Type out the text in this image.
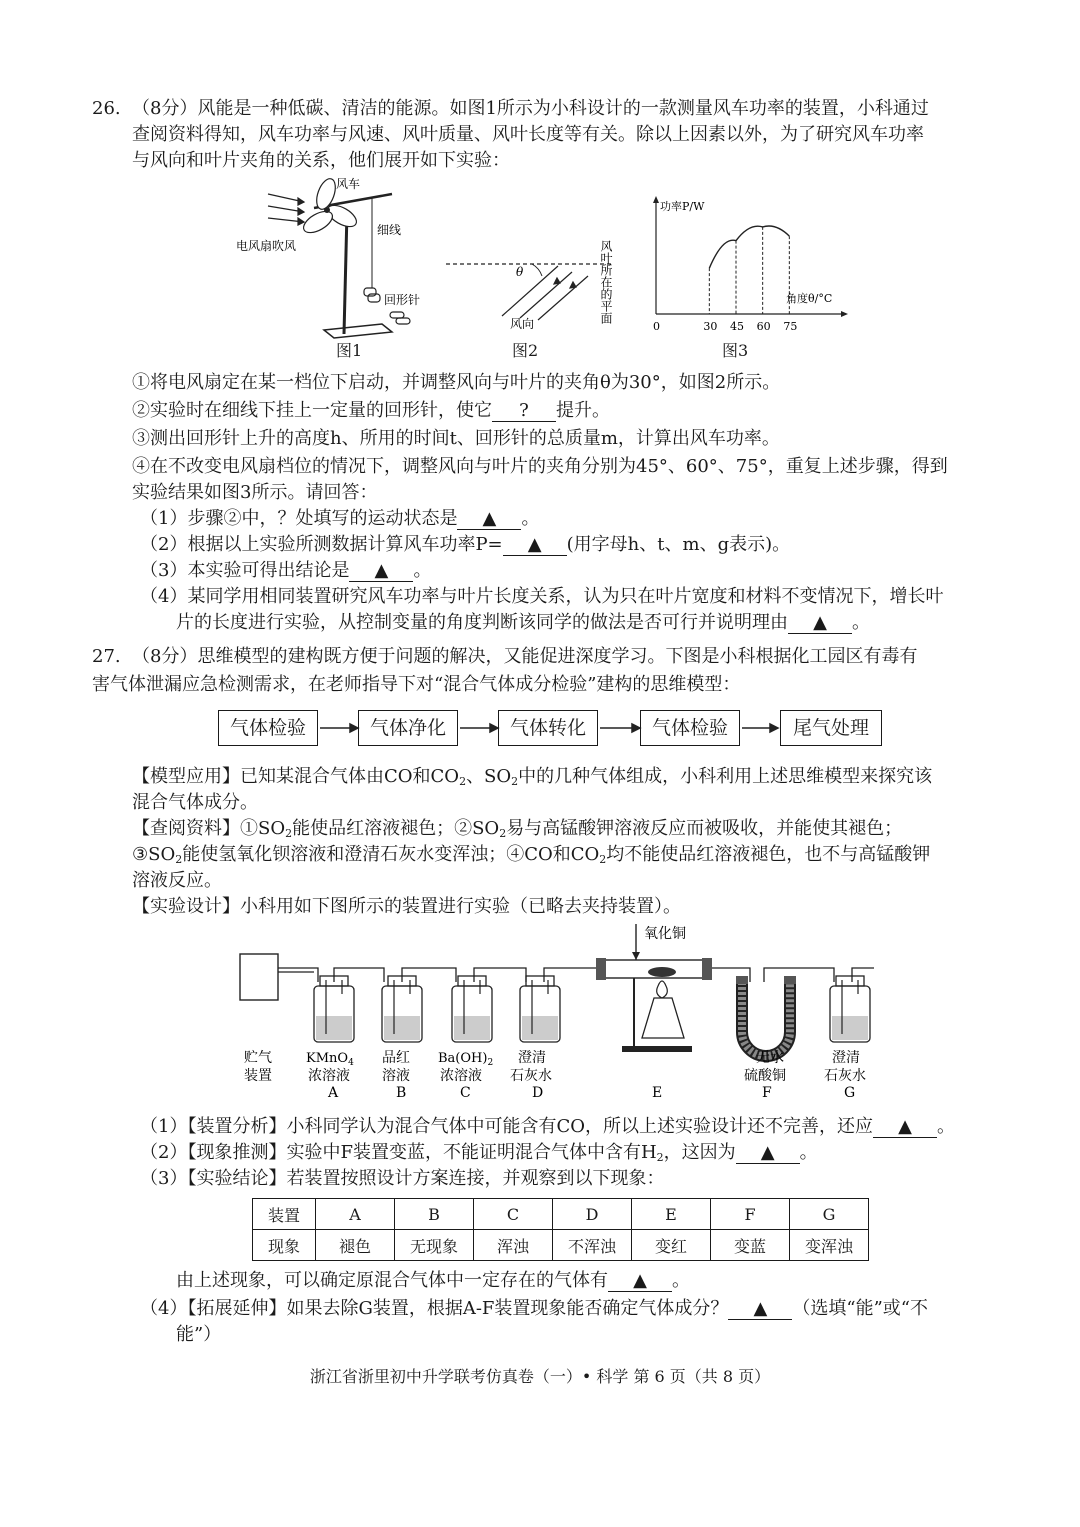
26. （8分）风能是一种低碳、清洁的能源。如图1所示为小科设计的一款测量风车功率的装置，小科通过
查阅资料得知，风车功率与风速、风叶质量、风叶长度等有关。除以上因素以外，为了研究风车功率
与风向和叶片夹角的关系，他们展开如下实验：
风车
电风扇吹风
细线
回形针
图1
θ
风向	风叶所在的平面
图2
0	30 45 60 75
功率P/W
角度θ/°C
图3
①将电风扇定在某一档位下启动，并调整风向与叶片的夹角θ为30°，如图2所示。
②实验时在细线下挂上一定量的回形针，使它 ? 提升。
③测出回形针上升的高度h、所用的时间t、回形针的总质量m，计算出风车功率。
④在不改变电风扇档位的情况下，调整风向与叶片的夹角分别为45°、60°、75°，重复上述步骤，得到
实验结果如图3所示。请回答：
（1）步骤②中，？处填写的运动状态是 ▲ 。
（2）根据以上实验所测数据计算风车功率P= ▲ (用字母h、t、m、g表示)。
（3）本实验可得出结论是 ▲ 。
（4）某同学用相同装置研究风车功率与叶片长度关系，认为只在叶片宽度和材料不变情况下，增长叶
片的长度进行实验，从控制变量的角度判断该同学的做法是否可行并说明理由 ▲ 。
27. （8分）思维模型的建构既方便于问题的解决，又能促进深度学习。下图是小科根据化工园区有毒有
害气体泄漏应急检测需求，在老师指导下对“混合气体成分检验”建构的思维模型：
气体检验	气体净化	气体转化	气体检验	尾气处理
【模型应用】已知某混合气体由CO和$CO_2$、$SO_2$中的几种气体组成，小科利用上述思维模型来探究该
混合气体成分。
【查阅资料】$①SO_2$能使品红溶液褪色；$②SO_2$易与高锰酸钾溶液反应而被吸收，并能使其褪色；
$③SO_2$能使氢氧化钡溶液和澄清石灰水变浑浊；④CO和$CO_2$均不能使品红溶液褪色，也不与高锰酸钾
溶液反应。
【实验设计】小科用如下图所示的装置进行实验（已略去夹持装置）。
氧化铜
贮气
装置
KMnO$_4$
浓溶液
A
品红
溶液
B
$Ba(OH)_2$
浓溶液
C
澄清
石灰水
D	E
无水
硫酸铜
F
澄清
石灰水
G
（1）【装置分析】小科同学认为混合气体中可能含有CO，所以上述实验设计还不完善，还应 ▲ 。
（2）【现象推测】实验中F装置变蓝，不能证明混合气体中含有$H_2$，这因为 ▲ 。
（3）【实验结论】若装置按照设计方案连接，并观察到以下现象：
装置	A	B	C	D	E	F	G
现象	褪色	无现象	浑浊	不浑浊	变红	变蓝	变浑浊
由上述现象，可以确定原混合气体中一定存在的气体有 ▲ 。
（4）【拓展延伸】如果去除G装置，根据A-F装置现象能否确定气体成分？ ▲ （选填“能”或“不
能”）
浙江省浙里初中升学联考仿真卷（一）• 科学 第 6 页（共 8 页）
